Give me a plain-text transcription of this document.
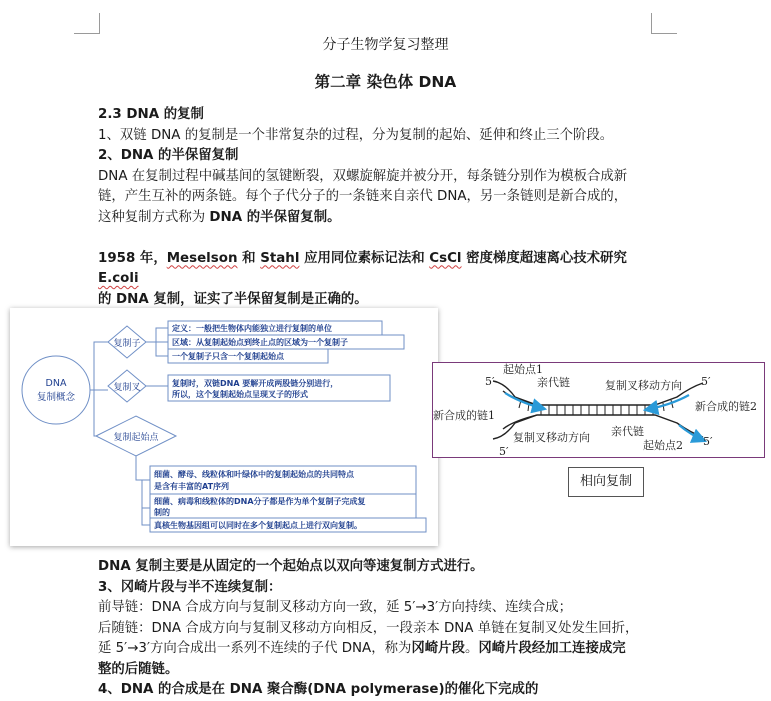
分子生物学复习整理
第二章 染色体 DNA

2.3 DNA 的复制

1、双链 DNA 的复制是一个非常复杂的过程，分为复制的起始、延伸和终止三个阶段。

2、DNA 的半保留复制

DNA 在复制过程中碱基间的氢键断裂，双螺旋解旋并被分开，每条链分别作为模板合成新

链，产生互补的两条链。每个子代分子的一条链来自亲代 DNA，另一条链则是新合成的，

这种复制方式称为 DNA 的半保留复制。

1958 年，Meselson 和 Stahl 应用同位素标记法和 CsCl 密度梯度超速离心技术研究 E.coli

的 DNA 复制，证实了半保留复制是正确的。

DNA
复制概念
复制子
复制叉
复制起始点
定义：一般把生物体内能独立进行复制的单位
区域：从复制起始点到终止点的区域为一个复制子
一个复制子只含一个复制起始点
复制时，双链DNA 要解开成两股链分别进行，
所以，这个复制起始点呈现叉子的形式
细菌、酵母、线粒体和叶绿体中的复制起始点的共同特点
是含有丰富的AT序列
细菌、病毒和线粒体的DNA分子都是作为单个复制子完成复
制的
真核生物基因组可以同时在多个复制起点上进行双向复制。
起始点1
起始点2
亲代链
亲代链
复制叉移动方向
复制叉移动方向
新合成的链1
新合成的链2
5′	5′
5′
5′
相向复制

DNA 复制主要是从固定的一个起始点以双向等速复制方式进行。

3、冈崎片段与半不连续复制：

前导链：DNA 合成方向与复制叉移动方向一致，延 5′→3′方向持续、连续合成；

后随链：DNA 合成方向与复制叉移动方向相反，一段亲本 DNA 单链在复制叉处发生回折，

延 5′→3′方向合成出一系列不连续的子代 DNA，称为冈崎片段。冈崎片段经加工连接成完

整的后随链。

4、DNA 的合成是在 DNA 聚合酶(DNA polymerase)的催化下完成的
